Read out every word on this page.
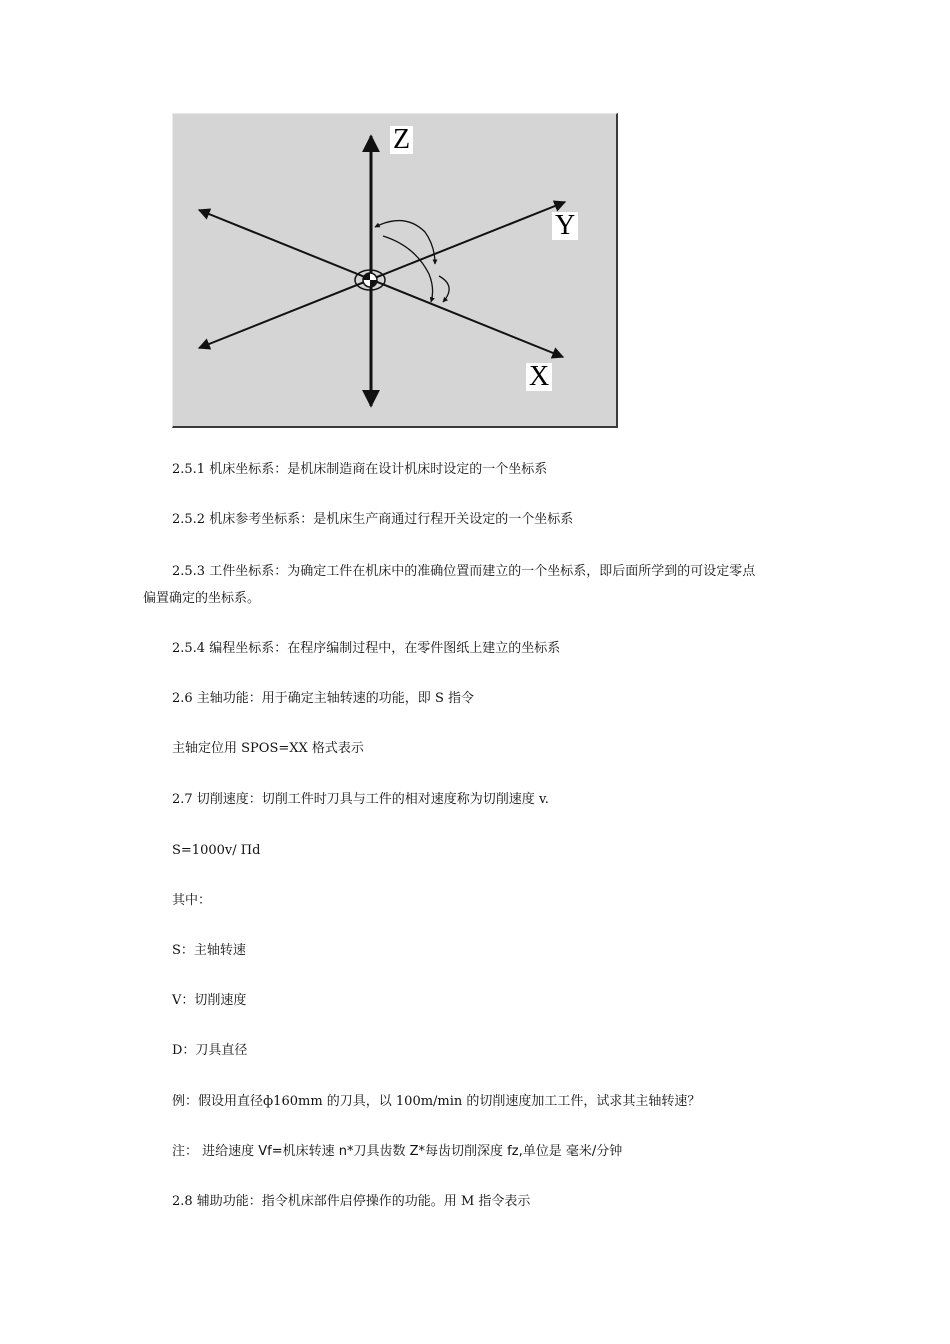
Z
Y
X
2.5.1 机床坐标系：是机床制造商在设计机床时设定的一个坐标系
2.5.2 机床参考坐标系：是机床生产商通过行程开关设定的一个坐标系
2.5.3 工件坐标系：为确定工件在机床中的准确位置而建立的一个坐标系，即后面所学到的可设定零点
偏置确定的坐标系。
2.5.4 编程坐标系：在程序编制过程中，在零件图纸上建立的坐标系
2.6 主轴功能：用于确定主轴转速的功能，即 S 指令
主轴定位用 SPOS=XX 格式表示
2.7 切削速度：切削工件时刀具与工件的相对速度称为切削速度 v.
S=1000v/ Пd
其中：
S：主轴转速
V：切削速度
D：刀具直径
例：假设用直径ф160mm 的刀具，以 100m/min 的切削速度加工工件，试求其主轴转速？
注： 进给速度 Vf=机床转速 n*刀具齿数 Z*每齿切削深度 fz,单位是 毫米/分钟
2.8 辅助功能：指令机床部件启停操作的功能。用 M 指令表示
